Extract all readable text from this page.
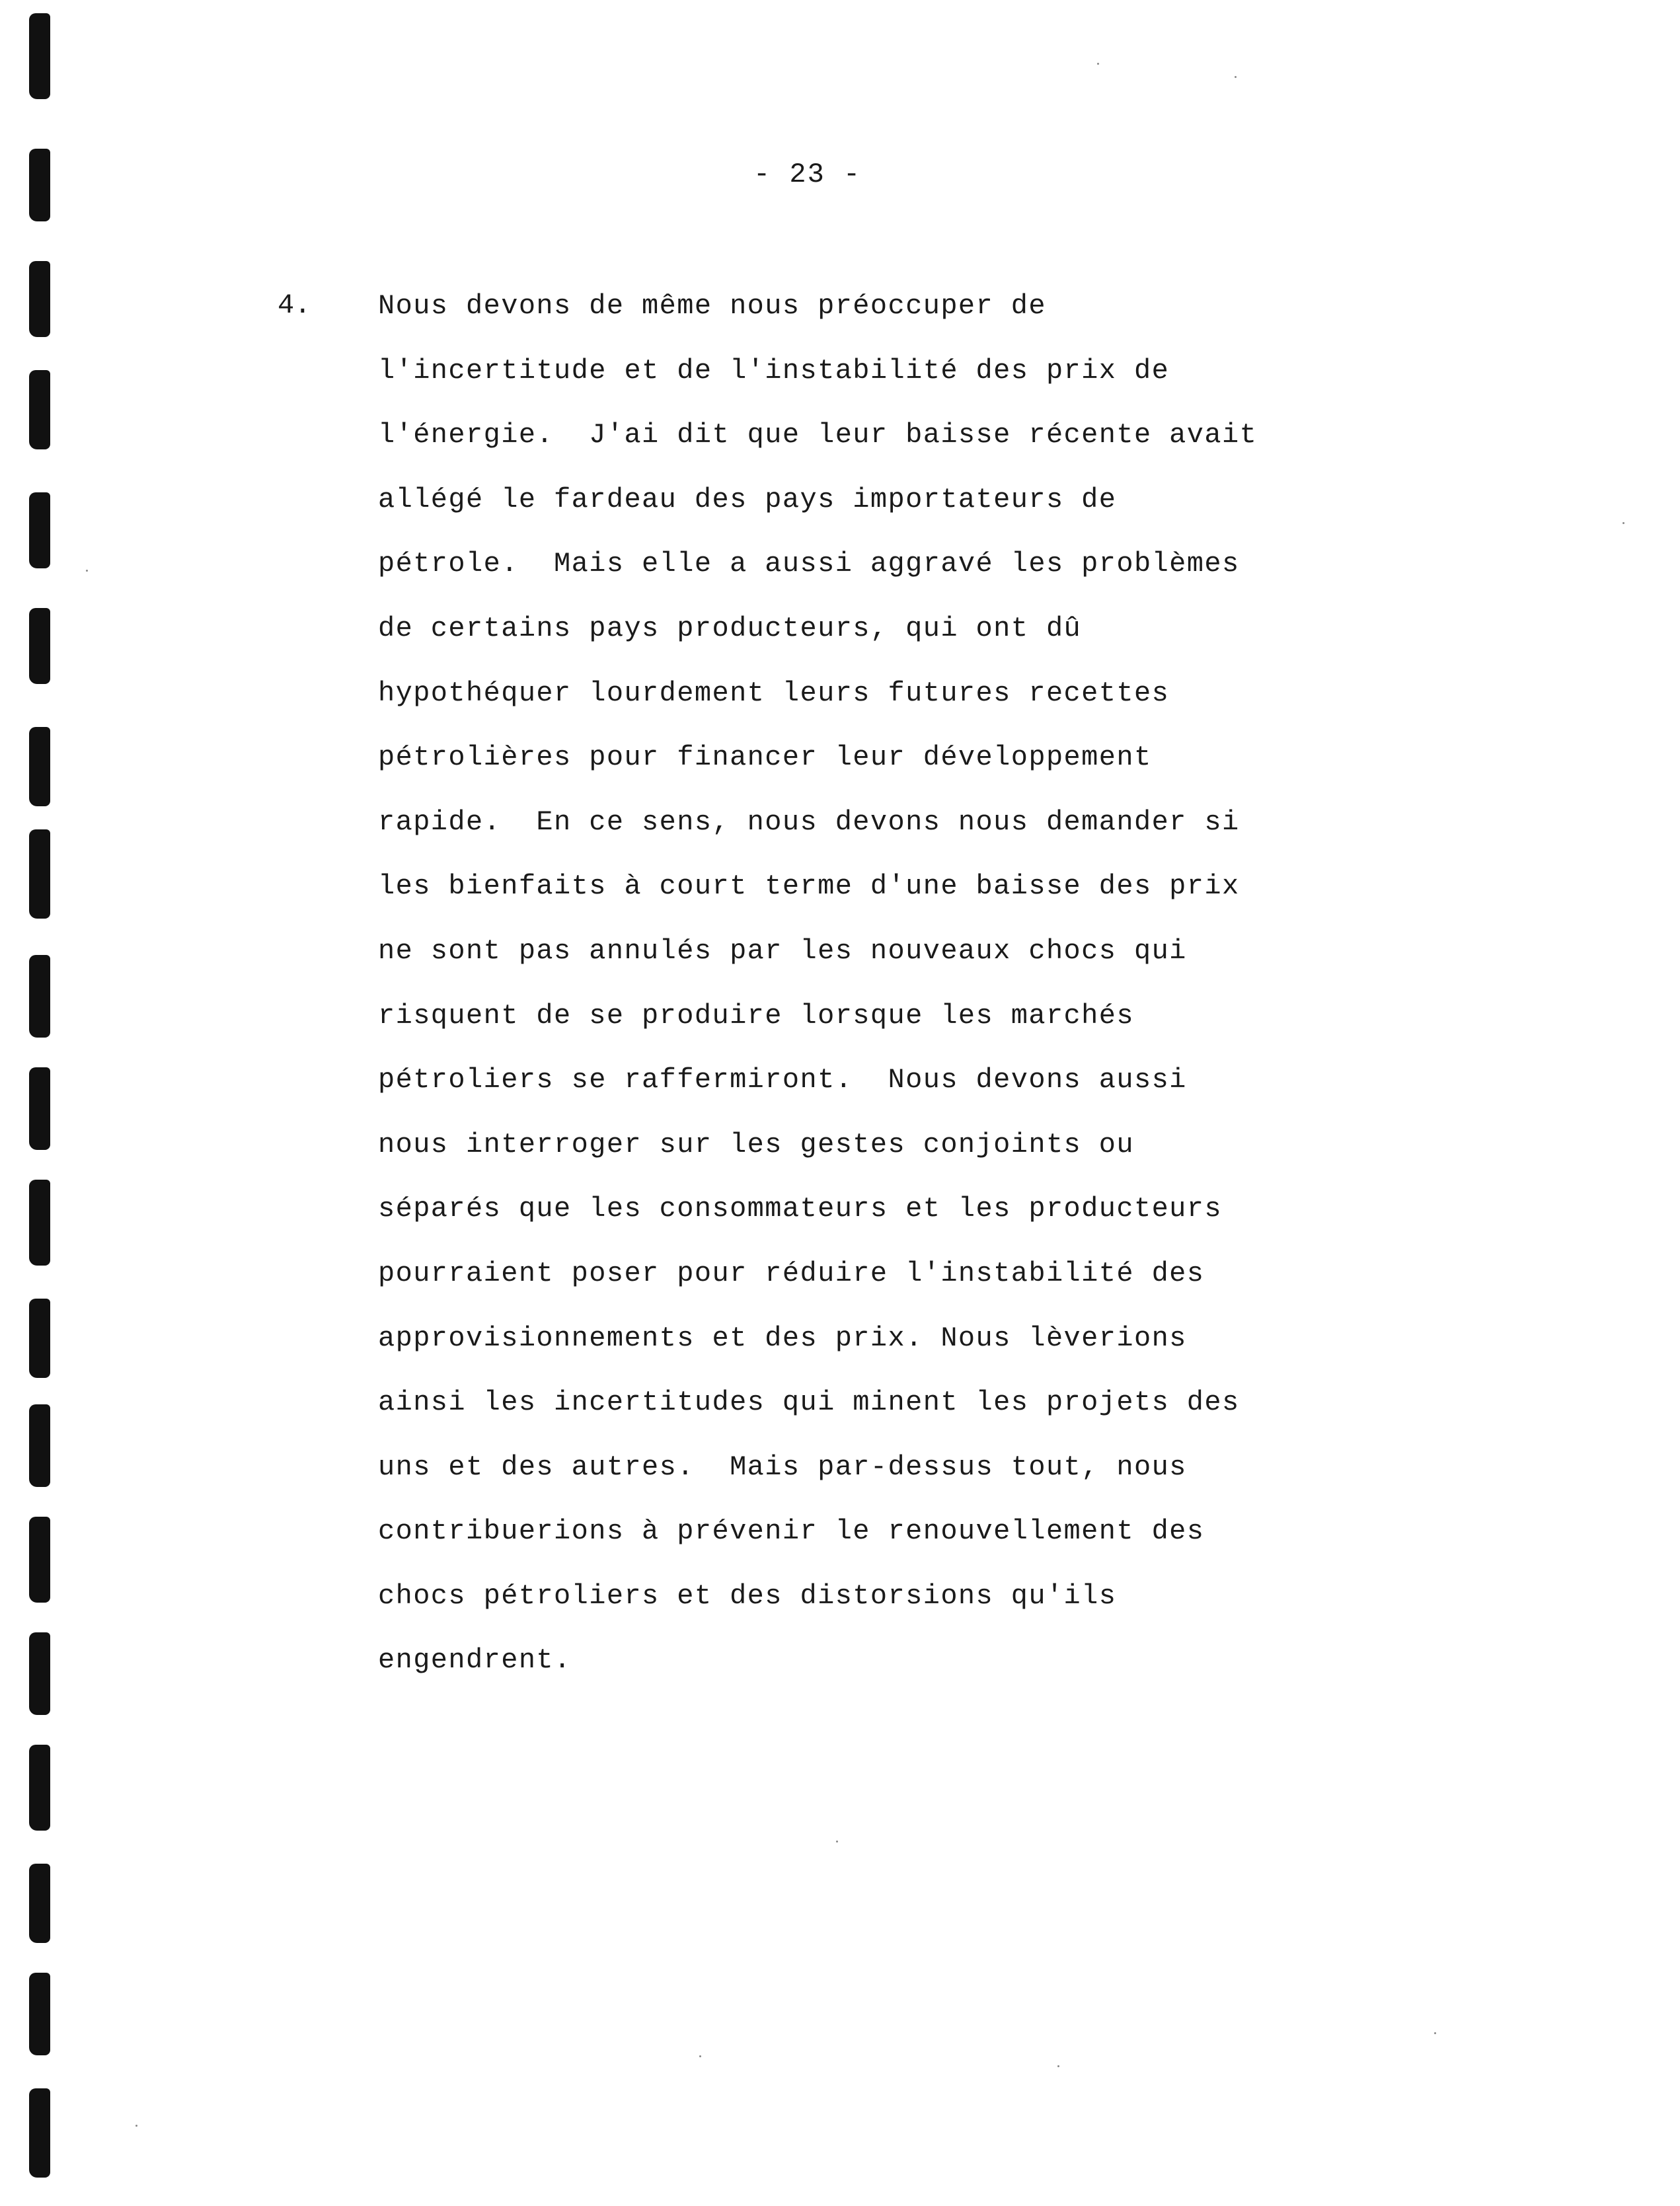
- 23 -
4. Nous devons de même nous préoccuper de
l'incertitude et de l'instabilité des prix de
l'énergie.  J'ai dit que leur baisse récente avait
allégé le fardeau des pays importateurs de
pétrole.  Mais elle a aussi aggravé les problèmes
de certains pays producteurs, qui ont dû
hypothéquer lourdement leurs futures recettes
pétrolières pour financer leur développement
rapide.  En ce sens, nous devons nous demander si
les bienfaits à court terme d'une baisse des prix
ne sont pas annulés par les nouveaux chocs qui
risquent de se produire lorsque les marchés
pétroliers se raffermiront.  Nous devons aussi
nous interroger sur les gestes conjoints ou
séparés que les consommateurs et les producteurs
pourraient poser pour réduire l'instabilité des
approvisionnements et des prix. Nous lèverions
ainsi les incertitudes qui minent les projets des
uns et des autres.  Mais par-dessus tout, nous
contribuerions à prévenir le renouvellement des
chocs pétroliers et des distorsions qu'ils
engendrent.
